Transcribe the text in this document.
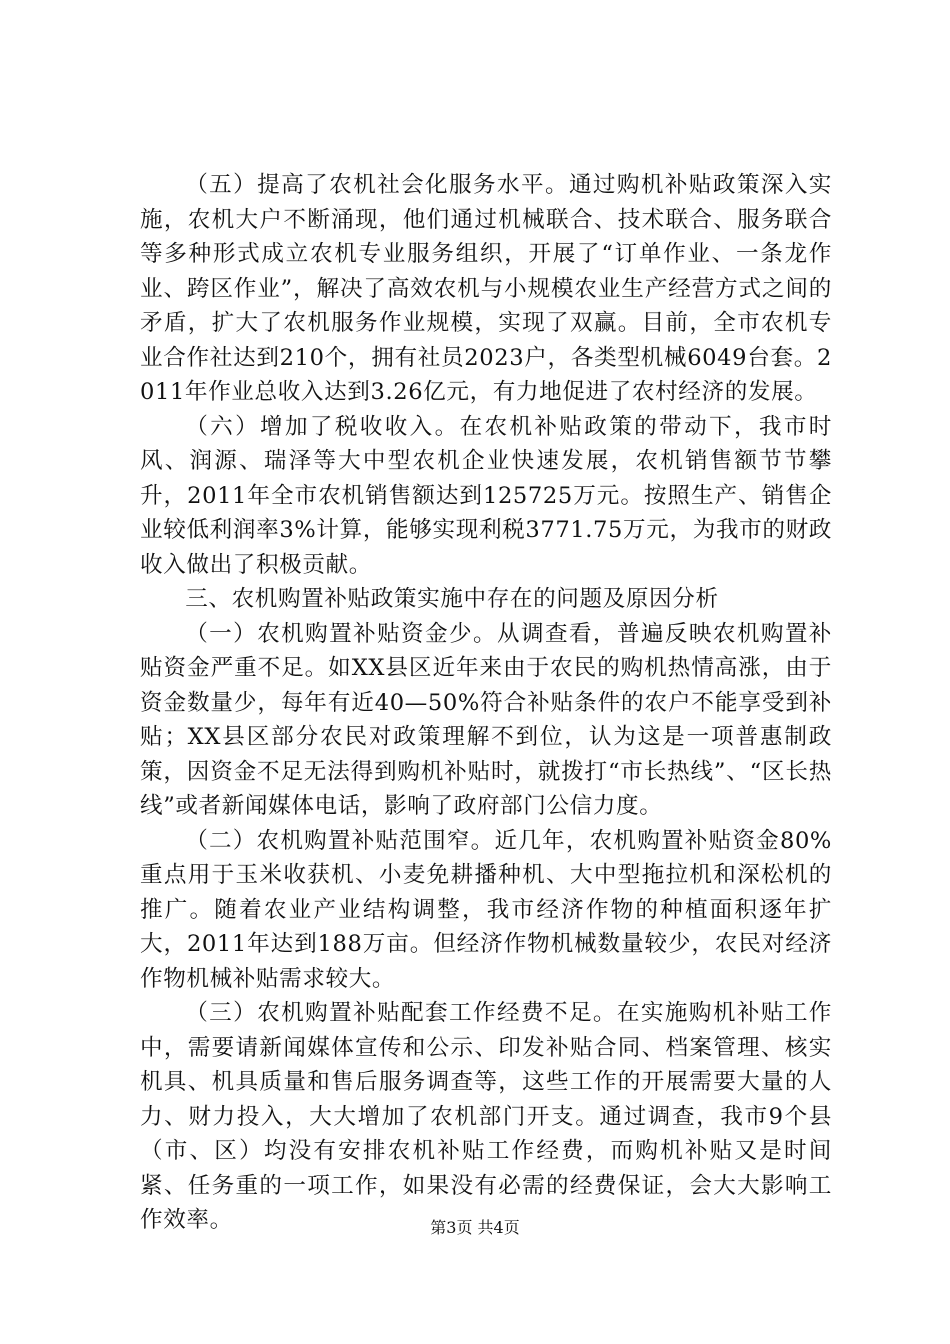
（五）提高了农机社会化服务水平。通过购机补贴政策深入实施，农机大户不断涌现，他们通过机械联合、技术联合、服务联合等多种形式成立农机专业服务组织，开展了“订单作业、一条龙作业、跨区作业”，解决了高效农机与小规模农业生产经营方式之间的矛盾，扩大了农机服务作业规模，实现了双赢。目前，全市农机专业合作社达到210个，拥有社员2023户，各类型机械6049台套。2011年作业总收入达到3.26亿元，有力地促进了农村经济的发展。

（六）增加了税收收入。在农机补贴政策的带动下，我市时风、润源、瑞泽等大中型农机企业快速发展，农机销售额节节攀升，2011年全市农机销售额达到125725万元。按照生产、销售企业较低利润率3%计算，能够实现利税3771.75万元，为我市的财政收入做出了积极贡献。

三、农机购置补贴政策实施中存在的问题及原因分析

（一）农机购置补贴资金少。从调查看，普遍反映农机购置补贴资金严重不足。如XX县区近年来由于农民的购机热情高涨，由于资金数量少，每年有近40—50%符合补贴条件的农户不能享受到补贴；XX县区部分农民对政策理解不到位，认为这是一项普惠制政策，因资金不足无法得到购机补贴时，就拨打“市长热线”、“区长热线”或者新闻媒体电话，影响了政府部门公信力度。

（二）农机购置补贴范围窄。近几年，农机购置补贴资金80%重点用于玉米收获机、小麦免耕播种机、大中型拖拉机和深松机的推广。随着农业产业结构调整，我市经济作物的种植面积逐年扩大，2011年达到188万亩。但经济作物机械数量较少，农民对经济作物机械补贴需求较大。

（三）农机购置补贴配套工作经费不足。在实施购机补贴工作中，需要请新闻媒体宣传和公示、印发补贴合同、档案管理、核实机具、机具质量和售后服务调查等，这些工作的开展需要大量的人力、财力投入，大大增加了农机部门开支。通过调查，我市9个县（市、区）均没有安排农机补贴工作经费，而购机补贴又是时间紧、任务重的一项工作，如果没有必需的经费保证，会大大影响工作效率。	第3页 共4页
